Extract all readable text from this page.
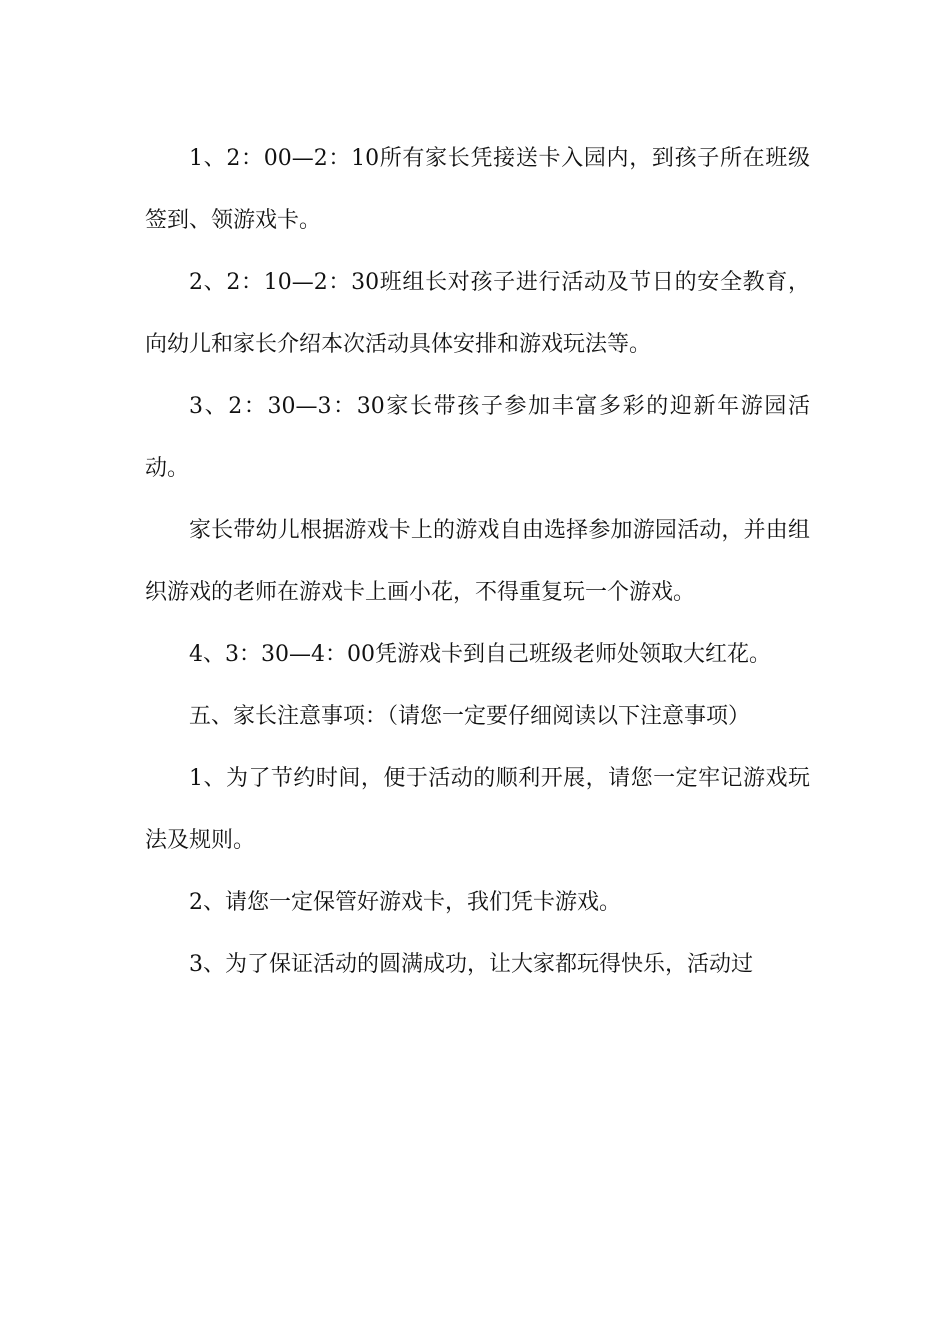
1、2：00—2：10所有家长凭接送卡入园内，到孩子所在班级签到、领游戏卡。

2、2：10—2：30班组长对孩子进行活动及节日的安全教育，向幼儿和家长介绍本次活动具体安排和游戏玩法等。

3、2：30—3：30家长带孩子参加丰富多彩的迎新年游园活动。

家长带幼儿根据游戏卡上的游戏自由选择参加游园活动，并由组织游戏的老师在游戏卡上画小花，不得重复玩一个游戏。

4、3：30—4：00凭游戏卡到自己班级老师处领取大红花。

五、家长注意事项：（请您一定要仔细阅读以下注意事项）

1、为了节约时间，便于活动的顺利开展，请您一定牢记游戏玩法及规则。

2、请您一定保管好游戏卡，我们凭卡游戏。

3、为了保证活动的圆满成功，让大家都玩得快乐，活动过
